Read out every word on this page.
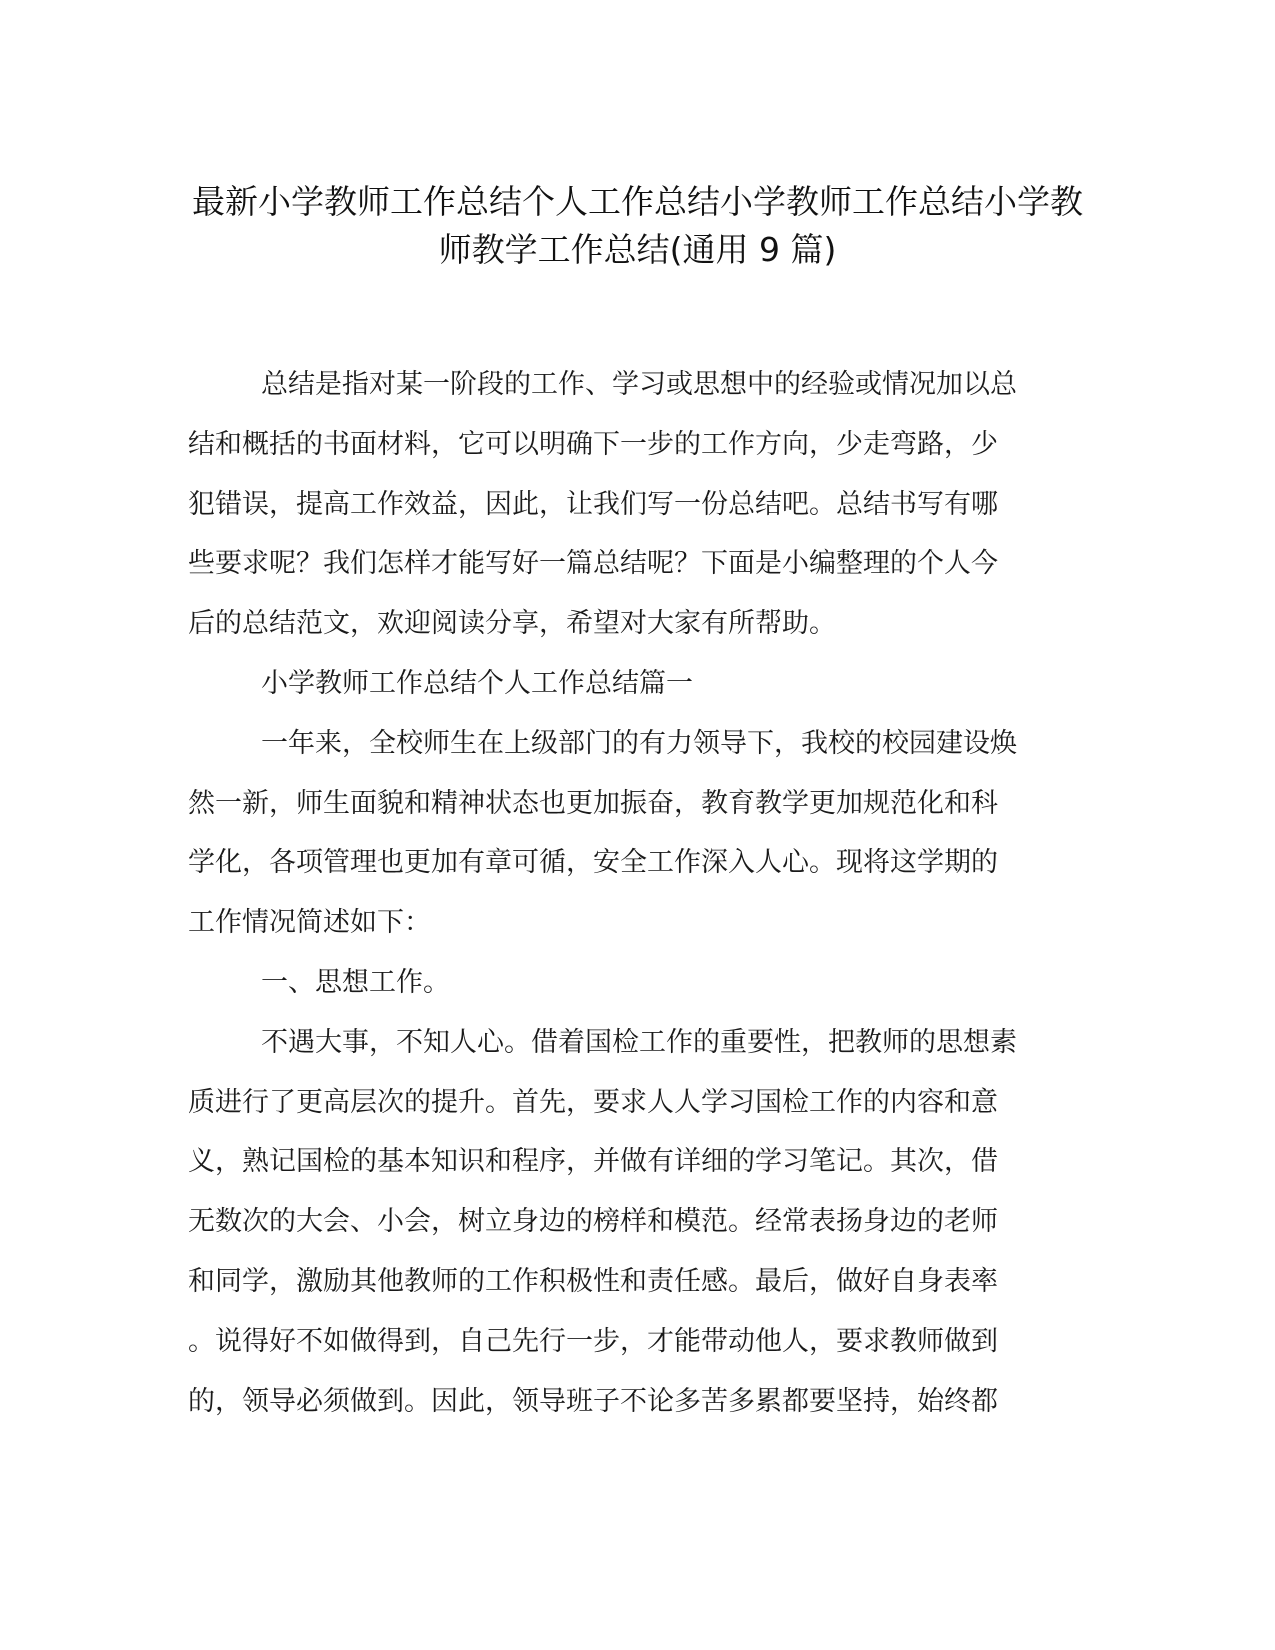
最新小学教师工作总结个人工作总结小学教师工作总结小学教
师教学工作总结(通用 9 篇)
总结是指对某一阶段的工作、学习或思想中的经验或情况加以总
结和概括的书面材料，它可以明确下一步的工作方向，少走弯路，少
犯错误，提高工作效益，因此，让我们写一份总结吧。总结书写有哪
些要求呢？我们怎样才能写好一篇总结呢？下面是小编整理的个人今
后的总结范文，欢迎阅读分享，希望对大家有所帮助。
小学教师工作总结个人工作总结篇一
一年来，全校师生在上级部门的有力领导下，我校的校园建设焕
然一新，师生面貌和精神状态也更加振奋，教育教学更加规范化和科
学化，各项管理也更加有章可循，安全工作深入人心。现将这学期的
工作情况简述如下：
一、思想工作。
不遇大事，不知人心。借着国检工作的重要性，把教师的思想素
质进行了更高层次的提升。首先，要求人人学习国检工作的内容和意
义，熟记国检的基本知识和程序，并做有详细的学习笔记。其次，借
无数次的大会、小会，树立身边的榜样和模范。经常表扬身边的老师
和同学，激励其他教师的工作积极性和责任感。最后，做好自身表率
。说得好不如做得到，自己先行一步，才能带动他人，要求教师做到
的，领导必须做到。因此，领导班子不论多苦多累都要坚持，始终都
